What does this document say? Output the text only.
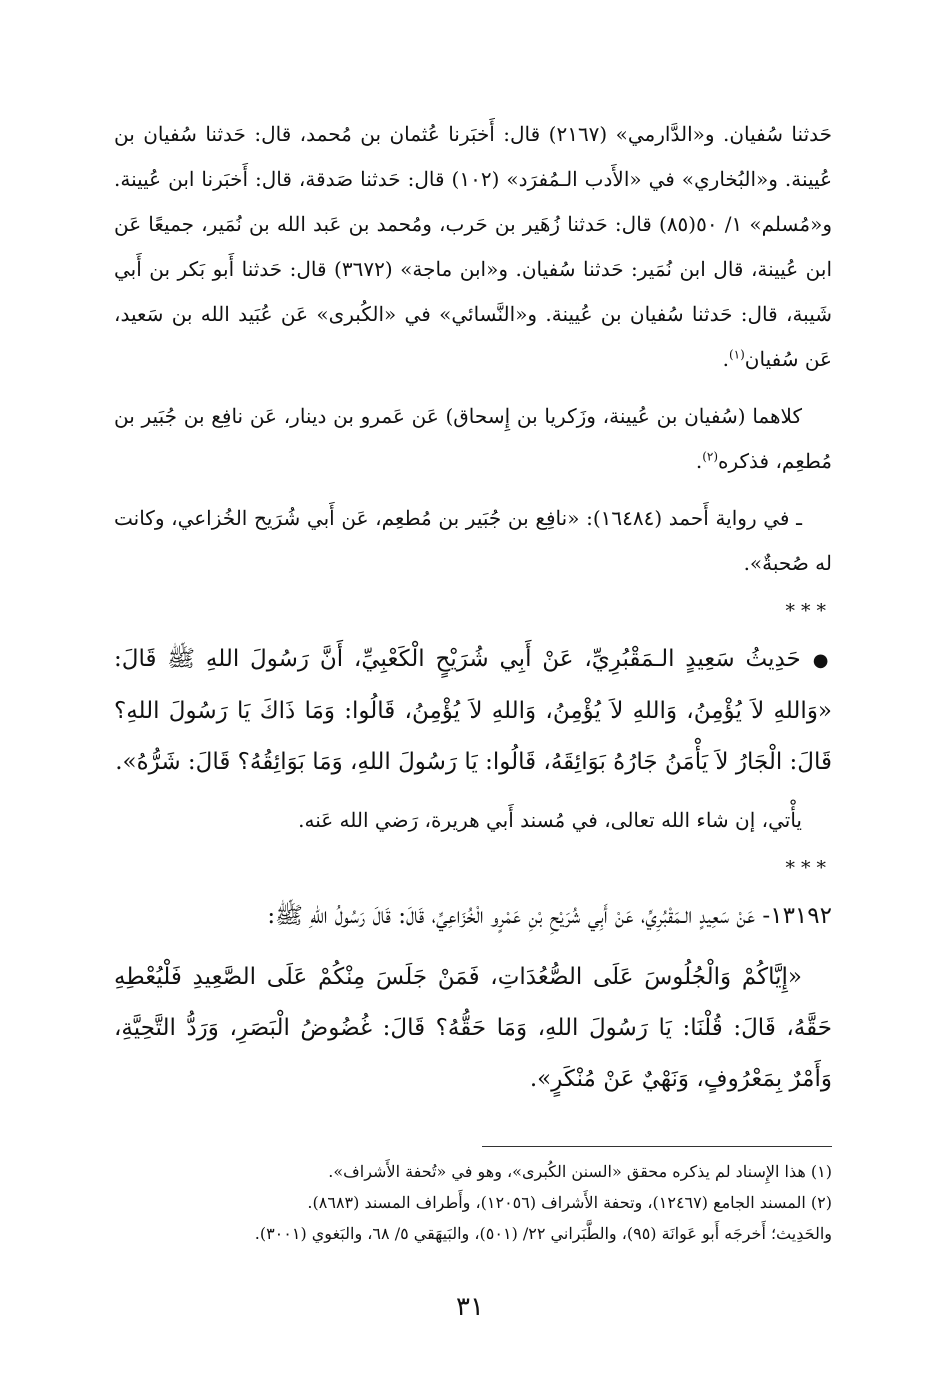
حَدثنا سُفيان. و«الدَّارمي» (٢١٦٧) قال: أَخبَرنا عُثمان بن مُحمد، قال: حَدثنا سُفيان بن عُيينة. و«البُخاري» في «الأَدب الـمُفرَد» (١٠٢) قال: حَدثنا صَدقة، قال: أَخبَرنا ابن عُيينة. و«مُسلم» ١/ ٥٠(٨٥) قال: حَدثنا زُهَير بن حَرب، ومُحمد بن عَبد الله بن نُمَير، جميعًا عَن ابن عُيينة، قال ابن نُمَير: حَدثنا سُفيان. و«ابن ماجة» (٣٦٧٢) قال: حَدثنا أَبو بَكر بن أَبي شَيبة، قال: حَدثنا سُفيان بن عُيينة. و«النَّسائي» في «الكُبرى» عَن عُبَيد الله بن سَعيد، عَن سُفيان$^{(١)}$.

كلاهما (سُفيان بن عُيينة، وزَكريا بن إِسحاق) عَن عَمرو بن دينار، عَن نافِع بن جُبَير بن مُطعِم، فذكره$^{(٢)}$.

ـ في رواية أَحمد (١٦٤٨٤): «نافِع بن جُبَير بن مُطعِم، عَن أَبي شُرَيح الخُزاعي، وكانت له صُحبةٌ».

***

●حَدِيثُ سَعِيدٍ الـمَقْبُرِيِّ، عَنْ أَبِي شُرَيْحٍ الْكَعْبِيِّ، أَنَّ رَسُولَ اللهِ ﷺ قَالَ: «وَاللهِ لاَ يُؤْمِنُ، وَاللهِ لاَ يُؤْمِنُ، وَاللهِ لاَ يُؤْمِنُ، قَالُوا: وَمَا ذَاكَ يَا رَسُولَ اللهِ؟ قَالَ: الْجَارُ لاَ يَأْمَنُ جَارُهُ بَوَائِقَهُ، قَالُوا: يَا رَسُولَ اللهِ، وَمَا بَوَائِقُهُ؟ قَالَ: شَرُّهُ».

يأْتي، إن شاء الله تعالى، في مُسند أَبي هريرة، رَضي الله عَنه.

***

١٣١٩٢- عَنْ سَعِيدٍ الـمَقْبُرِيِّ، عَنْ أَبِي شُرَيْحِ بْنِ عَمْرٍو الْخُزَاعِيِّ، قَالَ: قَالَ رَسُولُ اللهِ ﷺ:

«إِيَّاكُمْ وَالْجُلُوسَ عَلَى الصُّعُدَاتِ، فَمَنْ جَلَسَ مِنْكُمْ عَلَى الصَّعِيدِ فَلْيُعْطِهِ حَقَّهُ، قَالَ: قُلْنَا: يَا رَسُولَ اللهِ، وَمَا حَقُّهُ؟ قَالَ: غُضُوضُ الْبَصَرِ، وَرَدُّ التَّحِيَّةِ، وَأَمْرٌ بِمَعْرُوفٍ، وَنَهْيٌ عَنْ مُنْكَرٍ».

(١) هذا الإِسناد لم يذكره محقق «السنن الكُبرى»، وهو في «تُحفة الأَشراف».

(٢) المسند الجامع (١٢٤٦٧)، وتحفة الأَشراف (١٢٠٥٦)، وأَطراف المسند (٨٦٨٣).

والحَدِيث؛ أَخرجَه أَبو عَوانَة (٩٥)، والطَّبَراني ٢٢/ (٥٠١)، والبَيهَقي ٥/ ٦٨، والبَغوي (٣٠٠١).

٣١
